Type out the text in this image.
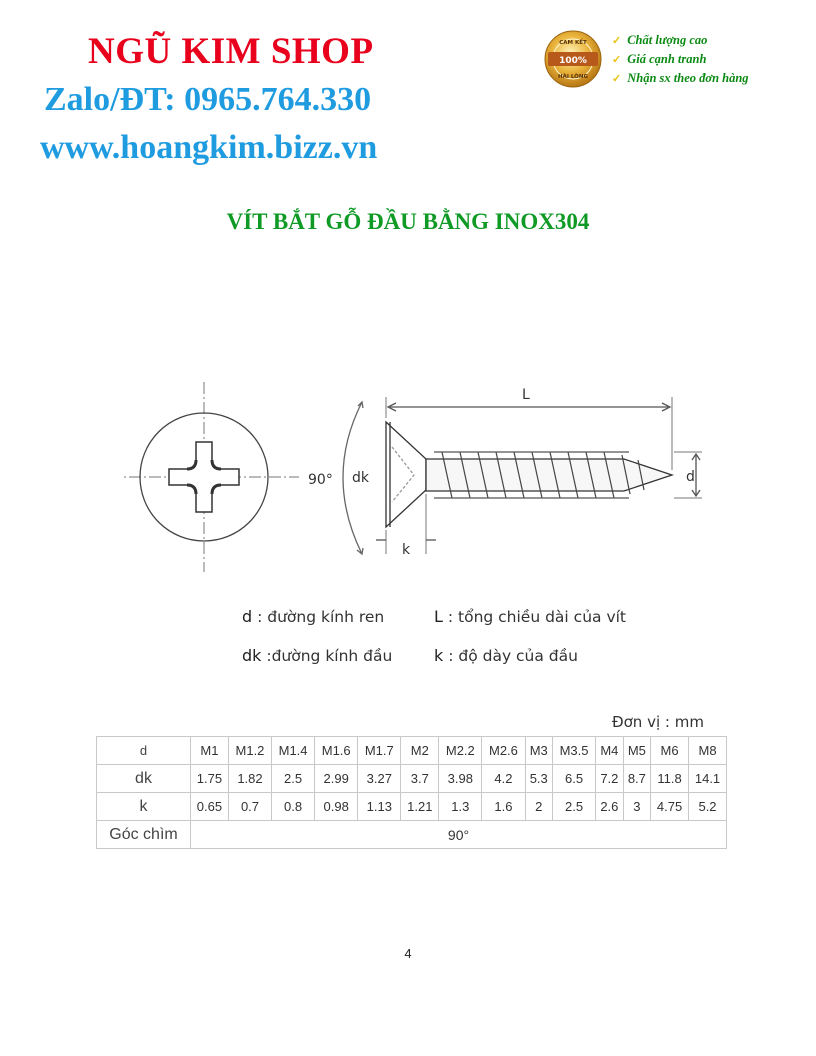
NGŨ KIM SHOP
Zalo/ĐT: 0965.764.330
www.hoangkim.bizz.vn
CAM KẾT
100%
HÀI LÒNG
✓ Chất lượng cao
✓ Giá cạnh tranh
✓ Nhận sx theo đơn hàng
VÍT BẮT GỖ ĐẦU BẰNG INOX304
90° dk
L
d
k
d : đường kính ren	L : tổng chiều dài của vít
dk :đường kính đầu	k : độ dày của đầu
Đơn vị : mm
d	M1	M1.2	M1.4	M1.6	M1.7	M2	M2.2	M2.6	M3	M3.5	M4	M5	M6	M8
dk	1.75	1.82	2.5	2.99	3.27	3.7	3.98	4.2	5.3	6.5	7.2	8.7	11.8	14.1
k	0.65	0.7	0.8	0.98	1.13	1.21	1.3	1.6	2	2.5	2.6	3	4.75	5.2
Góc chìm	90°													
4
